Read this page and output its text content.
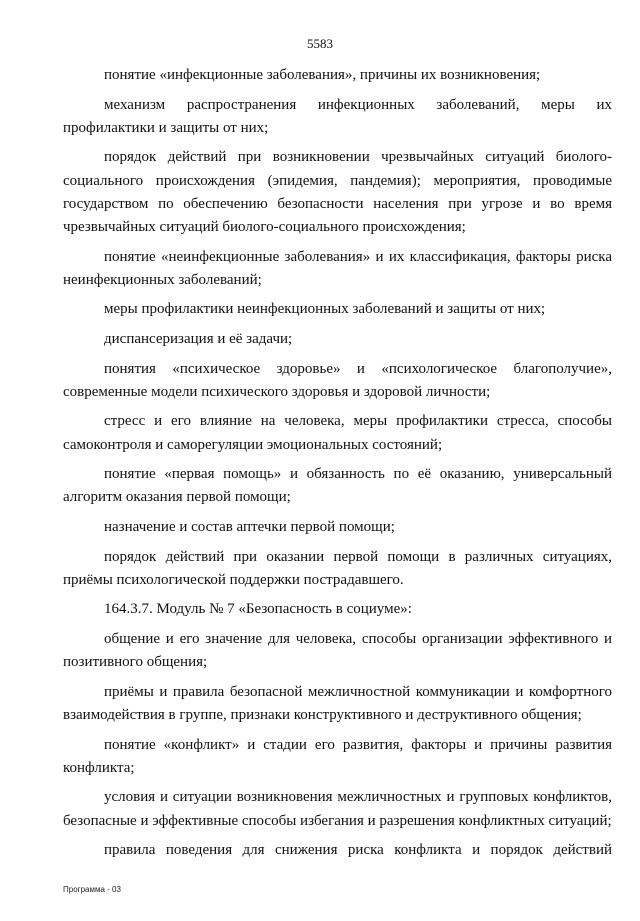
5583

понятие «инфекционные заболевания», причины их возникновения;

механизм распространения инфекционных заболеваний, меры их профилактики и защиты от них;

порядок действий при возникновении чрезвычайных ситуаций биолого-социального происхождения (эпидемия, пандемия); мероприятия, проводимые государством по обеспечению безопасности населения при угрозе и во время чрезвычайных ситуаций биолого-социального происхождения;

понятие «неинфекционные заболевания» и их классификация, факторы риска неинфекционных заболеваний;

меры профилактики неинфекционных заболеваний и защиты от них;

диспансеризация и её задачи;

понятия «психическое здоровье» и «психологическое благополучие», современные модели психического здоровья и здоровой личности;

стресс и его влияние на человека, меры профилактики стресса, способы самоконтроля и саморегуляции эмоциональных состояний;

понятие «первая помощь» и обязанность по её оказанию, универсальный алгоритм оказания первой помощи;

назначение и состав аптечки первой помощи;

порядок действий при оказании первой помощи в различных ситуациях, приёмы психологической поддержки пострадавшего.

164.3.7. Модуль № 7 «Безопасность в социуме»:

общение и его значение для человека, способы организации эффективного и позитивного общения;

приёмы и правила безопасной межличностной коммуникации и комфортного взаимодействия в группе, признаки конструктивного и деструктивного общения;

понятие «конфликт» и стадии его развития, факторы и причины развития конфликта;

условия и ситуации возникновения межличностных и групповых конфликтов, безопасные и эффективные способы избегания и разрешения конфликтных ситуаций;

правила поведения для снижения риска конфликта и порядок действий

Программа - 03
